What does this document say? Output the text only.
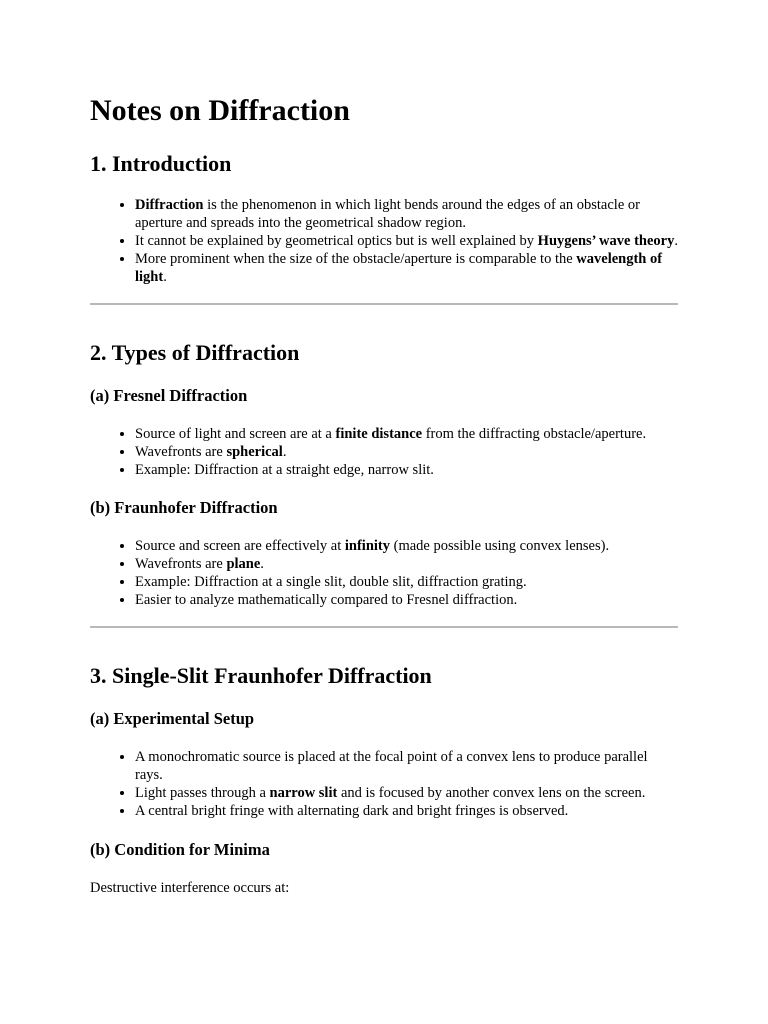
Notes on Diffraction
1. Introduction
• Diffraction is the phenomenon in which light bends around the edges of an obstacle or aperture and spreads into the geometrical shadow region.
• It cannot be explained by geometrical optics but is well explained by Huygens’ wave theory.
• More prominent when the size of the obstacle/aperture is comparable to the wavelength of light.
2. Types of Diffraction
(a) Fresnel Diffraction
• Source of light and screen are at a finite distance from the diffracting obstacle/aperture.
• Wavefronts are spherical.
• Example: Diffraction at a straight edge, narrow slit.
(b) Fraunhofer Diffraction
• Source and screen are effectively at infinity (made possible using convex lenses).
• Wavefronts are plane.
• Example: Diffraction at a single slit, double slit, diffraction grating.
• Easier to analyze mathematically compared to Fresnel diffraction.
3. Single-Slit Fraunhofer Diffraction
(a) Experimental Setup
• A monochromatic source is placed at the focal point of a convex lens to produce parallel rays.
• Light passes through a narrow slit and is focused by another convex lens on the screen.
• A central bright fringe with alternating dark and bright fringes is observed.
(b) Condition for Minima

Destructive interference occurs at:
